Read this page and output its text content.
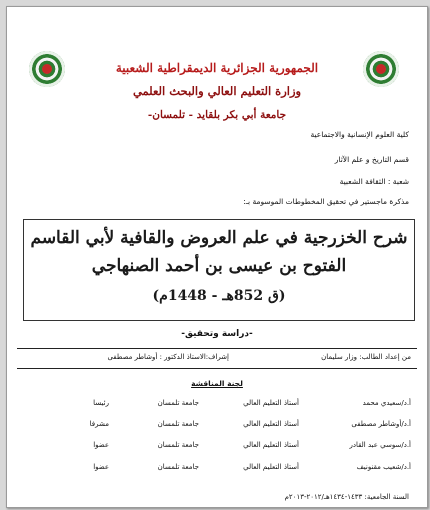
الجمهورية الجزائرية الديمقراطية الشعبية
وزارة التعليم العالي والبحث العلمي
جامعة أبي بكر بلقايد - تلمسان-
كلية العلوم الإنسانية والاجتماعية
قسم التاريخ و علم الآثار
شعبة : الثقافة الشعبية
مذكرة ماجستير في تحقيق المخطوطات الموسومة بـ:
شرح الخزرجية في علم العروض والقافية لأبي القاسم
الفتوح بن عيسى بن أحمد الصنهاجي
(ق 852هـ - 1448م)
-دراسة وتحقيق-
من إعداد الطالب: وزار سليمان
إشراف:الاستاذ الدكتور : أوشاطر مصطفى
لجنة المناقشة
أ.د/سعيدي محمد
أستاذ التعليم العالي
جامعة تلمسان
رئيسا
أ.د/أوشاطر مصطفى
أستاذ التعليم العالي
جامعة تلمسان
مشرفا
أ.د/سوسي عبد القادر
أستاذ التعليم العالي
جامعة تلمسان
عضوا
أ.د/شعيب مقنونيف
أستاذ التعليم العالي
جامعة تلمسان
عضوا
السنة الجامعية: ١٤٣٣-١٤٣٤هـ/٢٠١٢-٢٠١٣م
